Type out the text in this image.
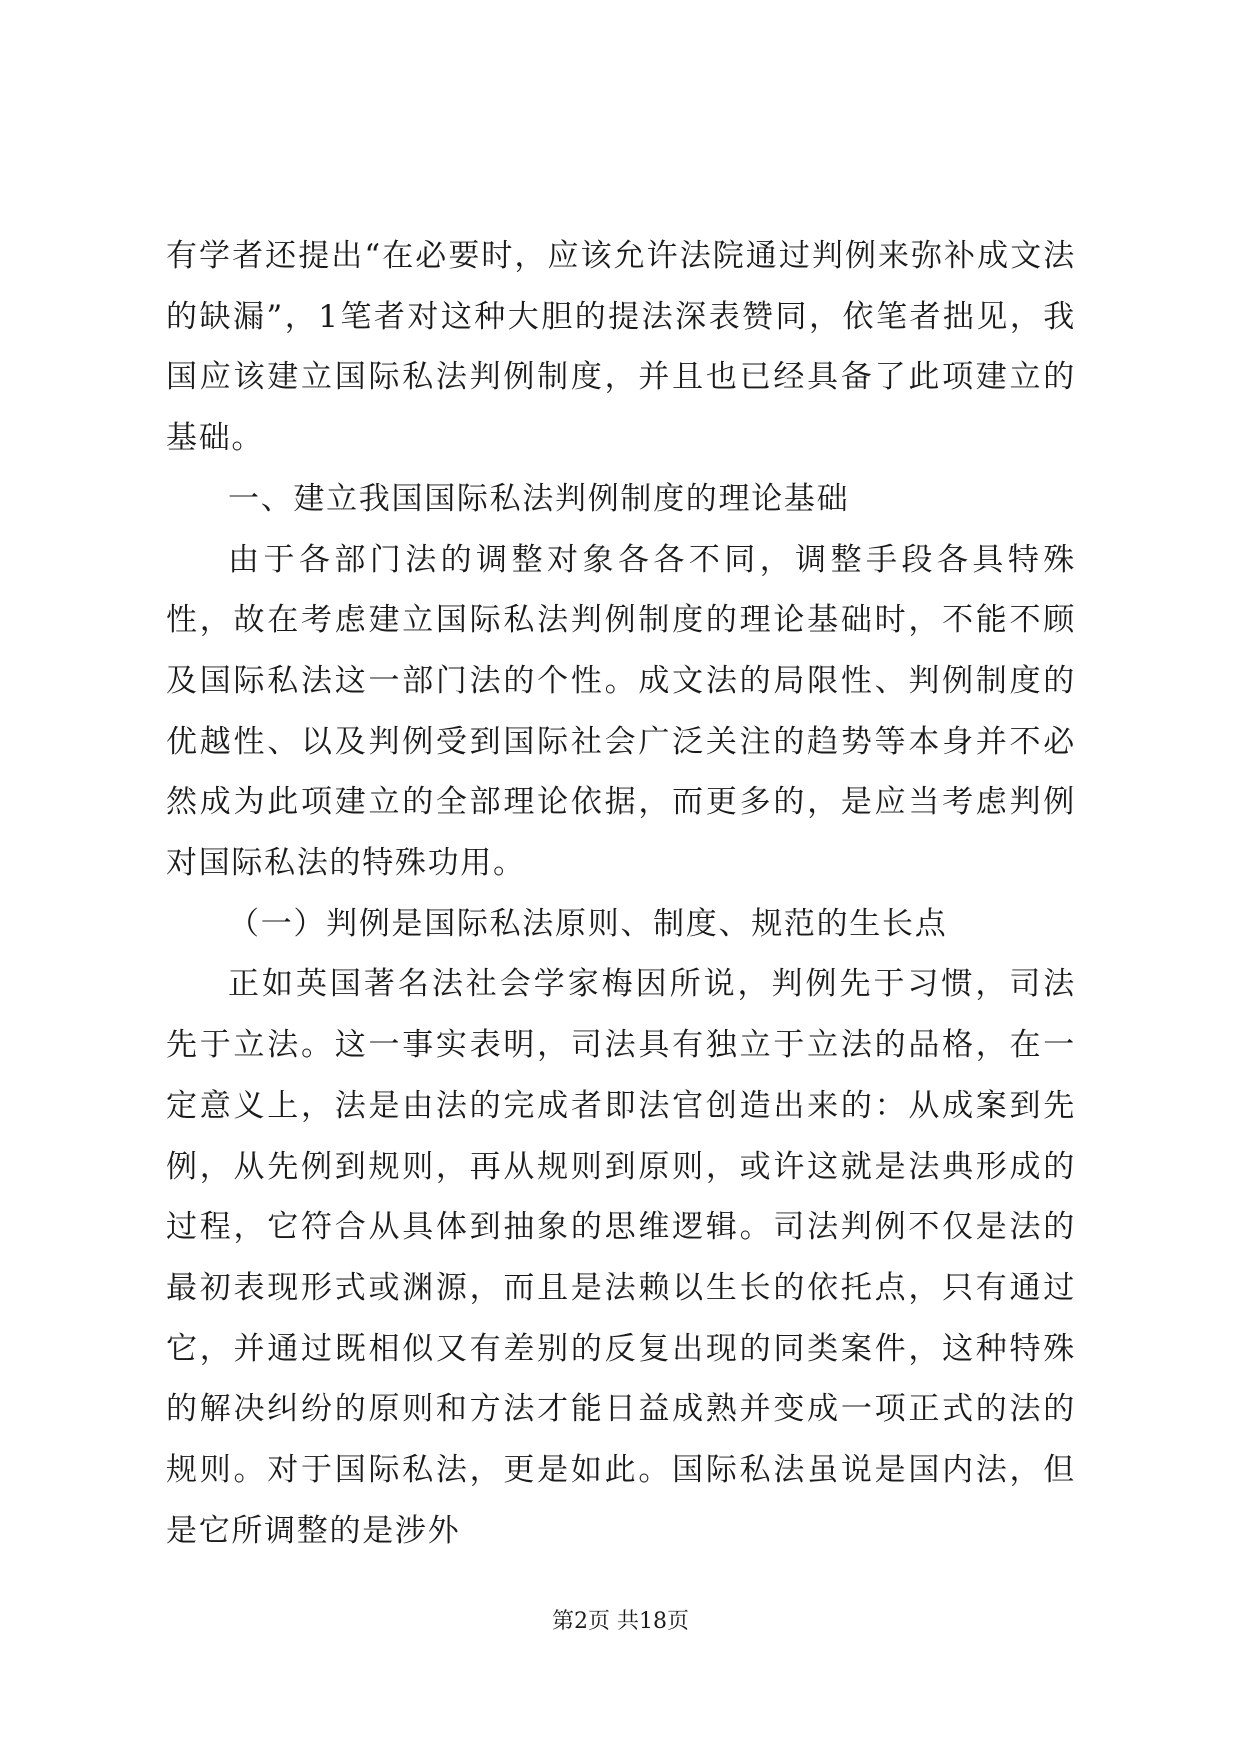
有学者还提出“在必要时，应该允许法院通过判例来弥补成文法的缺漏”，1笔者对这种大胆的提法深表赞同，依笔者拙见，我国应该建立国际私法判例制度，并且也已经具备了此项建立的基础。

一、建立我国国际私法判例制度的理论基础

由于各部门法的调整对象各各不同，调整手段各具特殊性，故在考虑建立国际私法判例制度的理论基础时，不能不顾及国际私法这一部门法的个性。成文法的局限性、判例制度的优越性、以及判例受到国际社会广泛关注的趋势等本身并不必然成为此项建立的全部理论依据，而更多的，是应当考虑判例对国际私法的特殊功用。

（一）判例是国际私法原则、制度、规范的生长点

正如英国著名法社会学家梅因所说，判例先于习惯，司法先于立法。这一事实表明，司法具有独立于立法的品格，在一定意义上，法是由法的完成者即法官创造出来的：从成案到先例，从先例到规则，再从规则到原则，或许这就是法典形成的过程，它符合从具体到抽象的思维逻辑。司法判例不仅是法的最初表现形式或渊源，而且是法赖以生长的依托点，只有通过它，并通过既相似又有差别的反复出现的同类案件，这种特殊的解决纠纷的原则和方法才能日益成熟并变成一项正式的法的规则。对于国际私法，更是如此。国际私法虽说是国内法，但是它所调整的是涉外

第2页 共18页
